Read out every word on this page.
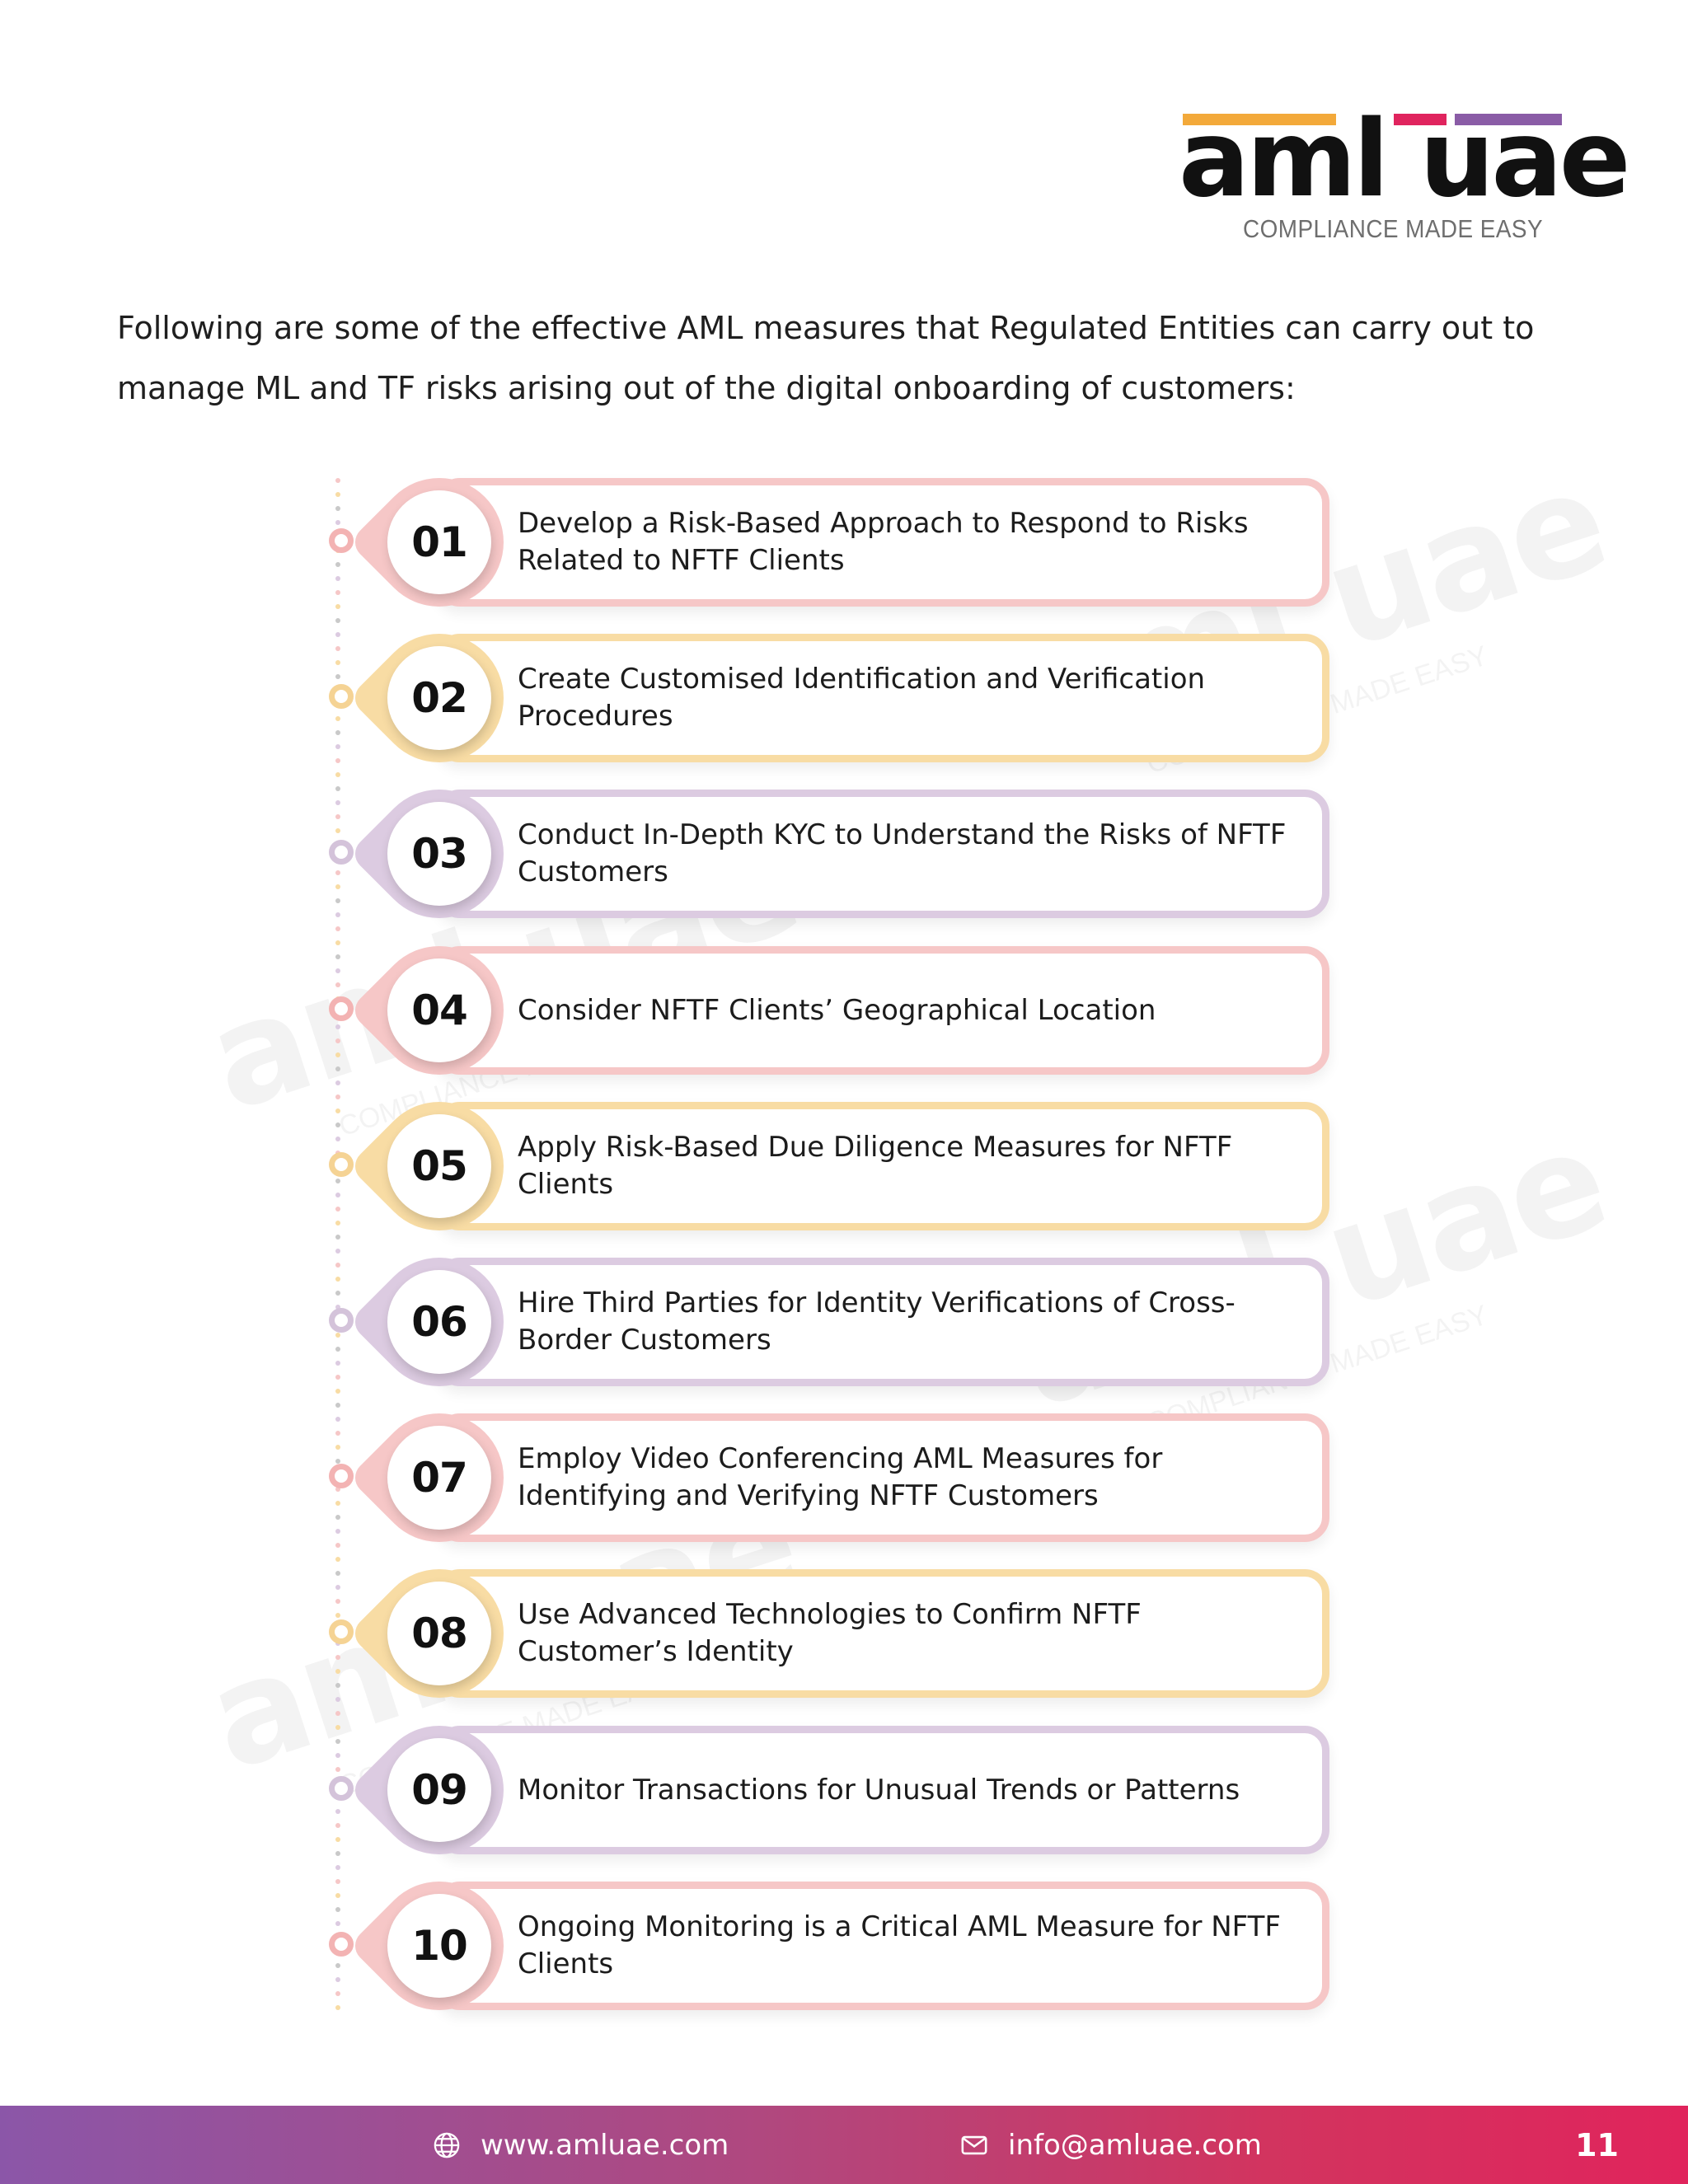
aml uae
COMPLIANCE MADE EASY

Following are some of the effective AML measures that Regulated Entities can carry out to manage ML and TF risks arising out of the digital onboarding of customers:

01	Develop a Risk-Based Approach to Respond to Risks Related to NFTF Clients
02	Create Customised Identification and Verification Procedures
03	Conduct In-Depth KYC to Understand the Risks of NFTF Customers
04	Consider NFTF Clients’ Geographical Location
05	Apply Risk-Based Due Diligence Measures for NFTF Clients
06	Hire Third Parties for Identity Verifications of Cross-Border Customers
07	Employ Video Conferencing AML Measures for Identifying and Verifying NFTF Customers
08	Use Advanced Technologies to Confirm NFTF Customer’s Identity
09	Monitor Transactions for Unusual Trends or Patterns
10	Ongoing Monitoring is a Critical AML Measure for NFTF Clients
www.amluae.com	info@amluae.com	11
